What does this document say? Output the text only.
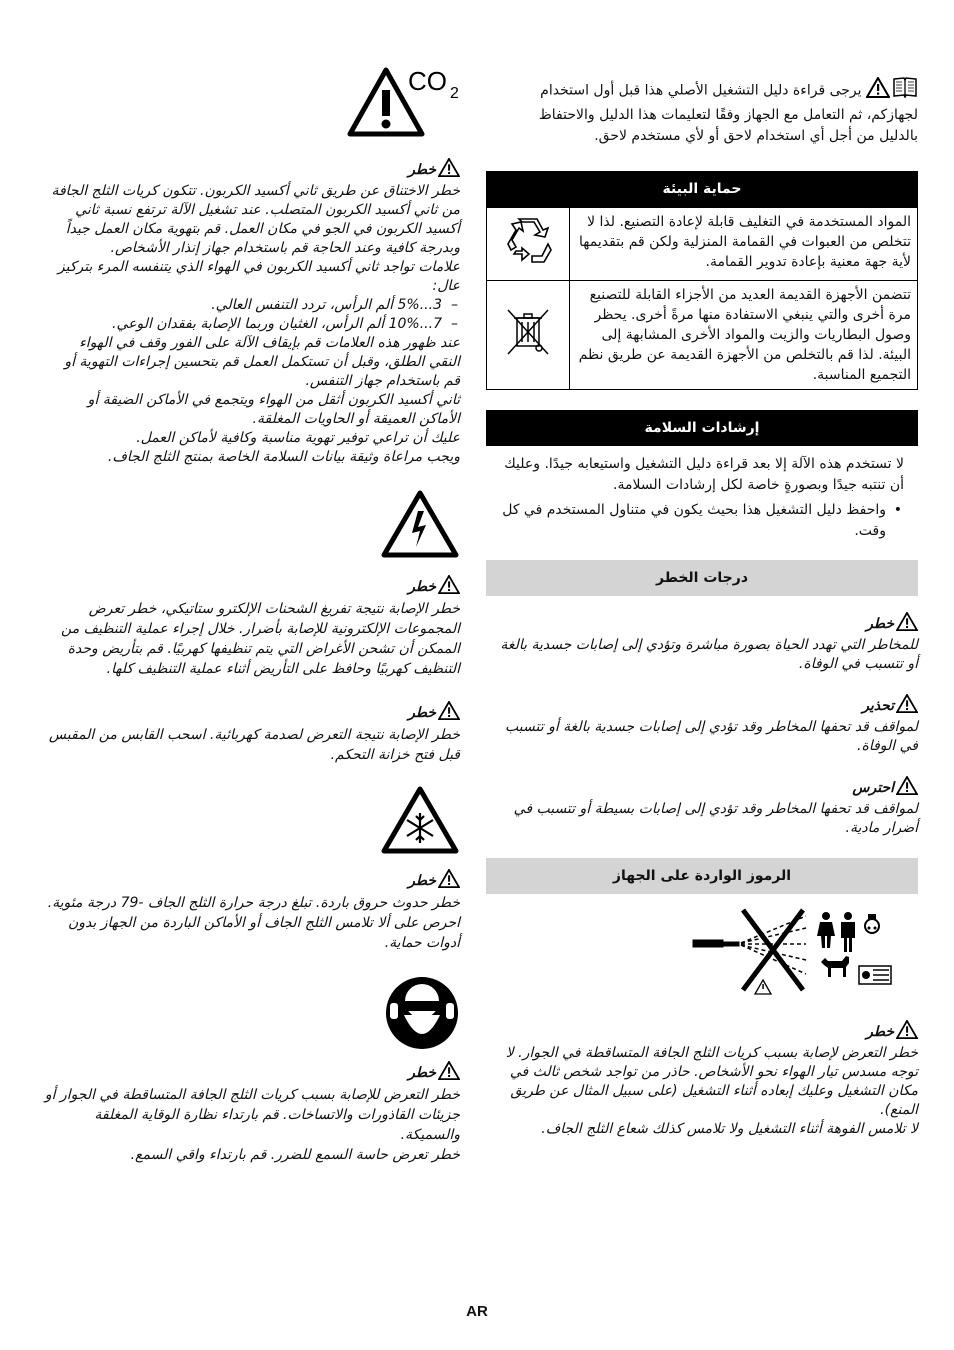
يرجى قراءة دليل التشغيل الأصلي هذا قبل أول استخدام لجهازكم، ثم التعامل مع الجهاز وفقًا لتعليمات هذا الدليل والاحتفاظ بالدليل من أجل أي استخدام لاحق أو لأي مستخدم لاحق.

حماية البيئة
المواد المستخدمة في التغليف قابلة لإعادة التصنيع. لذا لا تتخلص من العبوات في القمامة المنزلية ولكن قم بتقديمها لأية جهة معنية بإعادة تدوير القمامة.	
تتضمن الأجهزة القديمة العديد من الأجزاء القابلة للتصنيع مرة أخرى والتي ينبغي الاستفادة منها مرةً أخرى. يحظر وصول البطاريات والزيت والمواد الأخرى المشابهة إلى البيئة. لذا قم بالتخلص من الأجهزة القديمة عن طريق نظم التجميع المناسبة.	
إرشادات السلامة

لا تستخدم هذه الآلة إلا بعد قراءة دليل التشغيل واستيعابه جيدًا. وعليك أن تنتبه جيدًا وبصورةٍ خاصة لكل إرشادات السلامة.

• واحفظ دليل التشغيل هذا بحيث يكون في متناول المستخدم في كل وقت.
درجات الخطر

خطر

للمخاطر التي تهدد الحياة بصورة مباشرة وتؤدي إلى إصابات جسدية بالغة أو تتسبب في الوفاة.

تحذير

لمواقف قد تحفها المخاطر وقد تؤدي إلى إصابات جسدية بالغة أو تتسبب في الوفاة.

احترس

لمواقف قد تحفها المخاطر وقد تؤدي إلى إصابات بسيطة أو تتسبب في أضرار مادية.

الرموز الواردة على الجهاز

خطر

خطر التعرض لإصابة بسبب كريات الثلج الجافة المتساقطة في الجوار. لا توجه مسدس تيار الهواء نحو الأشخاص. حاذر من تواجد شخص ثالث في مكان التشغيل وعليك إبعاده أثناء التشغيل (على سبيل المثال عن طريق المنع).

لا تلامس الفوهة أثناء التشغيل ولا تلامس كذلك شعاع الثلج الجاف.

CO 2

خطر

خطر الاختناق عن طريق ثاني أكسيد الكربون. تتكون كريات الثلج الجافة من ثاني أكسيد الكربون المتصلب. عند تشغيل الآلة ترتفع نسبة ثاني أكسيد الكربون في الجو في مكان العمل. قم بتهوية مكان العمل جيداً وبدرجة كافية وعند الحاجة قم باستخدام جهاز إنذار الأشخاص.

علامات تواجد ثاني أكسيد الكربون في الهواء الذي يتنفسه المرء بتركيز عال:

– 3...5% ألم الرأس، تردد التنفس العالي.
– 7...10% ألم الرأس، الغثيان وربما الإصابة بفقدان الوعي.

عند ظهور هذه العلامات قم بإيقاف الآلة على الفور وقف في الهواء النقي الطلق، وقبل أن تستكمل العمل قم بتحسين إجراءات التهوية أو قم باستخدام جهاز التنفس.

ثاني أكسيد الكربون أثقل من الهواء ويتجمع في الأماكن الضيقة أو الأماكن العميقة أو الحاويات المغلقة.

عليك أن تراعي توفير تهوية مناسبة وكافية لأماكن العمل.

ويجب مراعاة وثيقة بيانات السلامة الخاصة بمنتج الثلج الجاف.

خطر

خطر الإصابة نتيجة تفريغ الشحنات الإلكترو ستاتيكي، خطر تعرض المجموعات الإلكترونية للإصابة بأضرار. خلال إجراء عملية التنظيف من الممكن أن تشحن الأغراض التي يتم تنظيفها كهربيًا. قم بتأريض وحدة التنظيف كهربيًا وحافظ على التأريض أثناء عملية التنظيف كلها.

خطر

خطر الإصابة نتيجة التعرض لصدمة كهربائية. اسحب القابس من المقبس قبل فتح خزانة التحكم.

خطر

خطر حدوث حروق باردة. تبلغ درجة حرارة الثلج الجاف -79 درجة مئوية. احرص على ألا تلامس الثلج الجاف أو الأماكن الباردة من الجهاز بدون أدوات حماية.

خطر

خطر التعرض للإصابة بسبب كريات الثلج الجافة المتساقطة في الجوار أو جزيئات القاذورات والاتساخات. قم بارتداء نظارة الوقاية المغلقة والسميكة.

خطر تعرض حاسة السمع للضرر. قم بارتداء واقي السمع.

AR
